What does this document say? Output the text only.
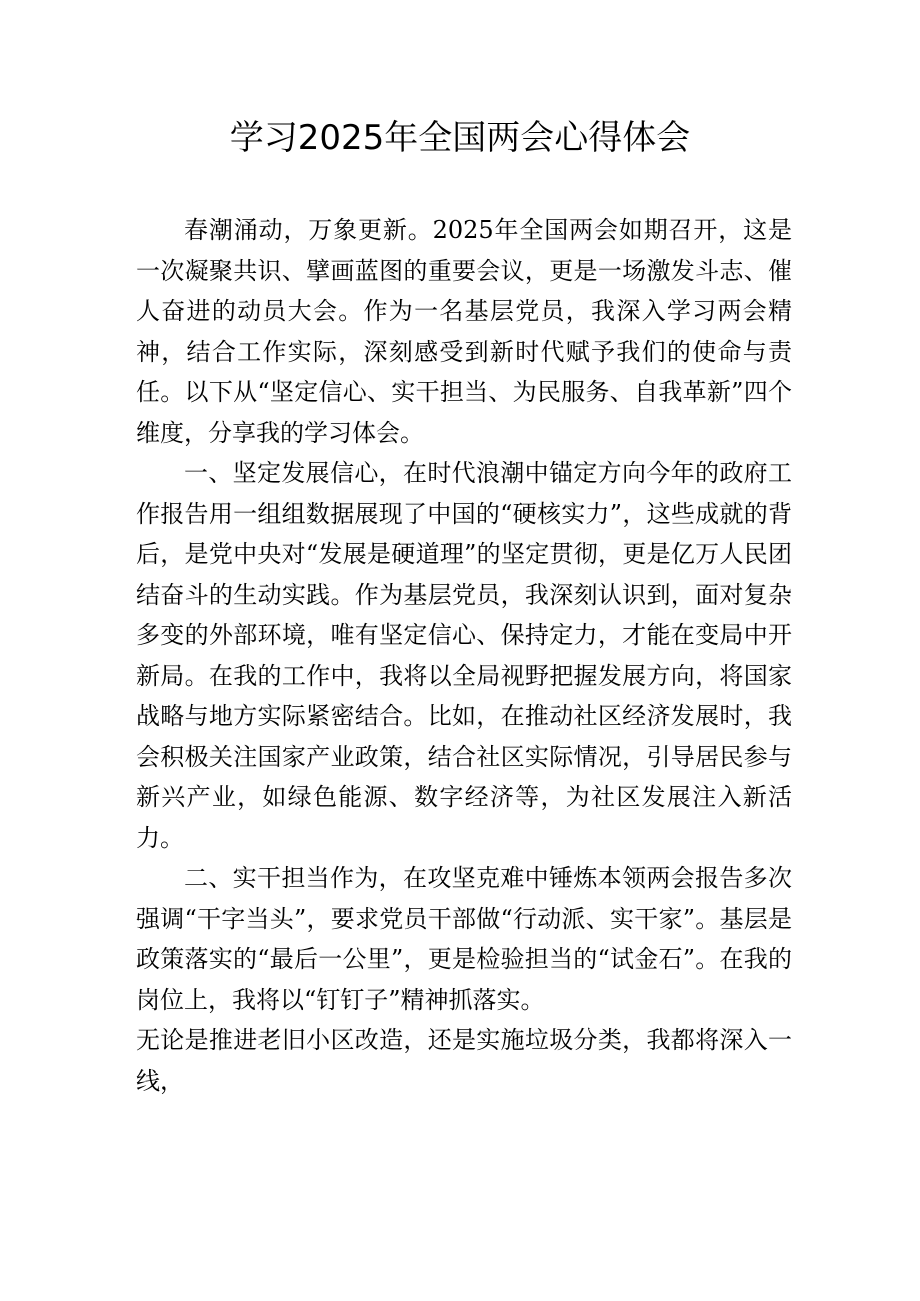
学习2025年全国两会心得体会

春潮涌动，万象更新。2025年全国两会如期召开，这是一次凝聚共识、擘画蓝图的重要会议，更是一场激发斗志、催人奋进的动员大会。作为一名基层党员，我深入学习两会精神，结合工作实际，深刻感受到新时代赋予我们的使命与责任。以下从“坚定信心、实干担当、为民服务、自我革新”四个维度，分享我的学习体会。

一、坚定发展信心，在时代浪潮中锚定方向今年的政府工作报告用一组组数据展现了中国的“硬核实力”，这些成就的背后，是党中央对“发展是硬道理”的坚定贯彻，更是亿万人民团结奋斗的生动实践。作为基层党员，我深刻认识到，面对复杂多变的外部环境，唯有坚定信心、保持定力，才能在变局中开新局。在我的工作中，我将以全局视野把握发展方向，将国家战略与地方实际紧密结合。比如，在推动社区经济发展时，我会积极关注国家产业政策，结合社区实际情况，引导居民参与新兴产业，如绿色能源、数字经济等，为社区发展注入新活力。

二、实干担当作为，在攻坚克难中锤炼本领两会报告多次强调“干字当头”，要求党员干部做“行动派、实干家”。基层是政策落实的“最后一公里”，更是检验担当的“试金石”。在我的岗位上，我将以“钉钉子”精神抓落实。

无论是推进老旧小区改造，还是实施垃圾分类，我都将深入一线，
